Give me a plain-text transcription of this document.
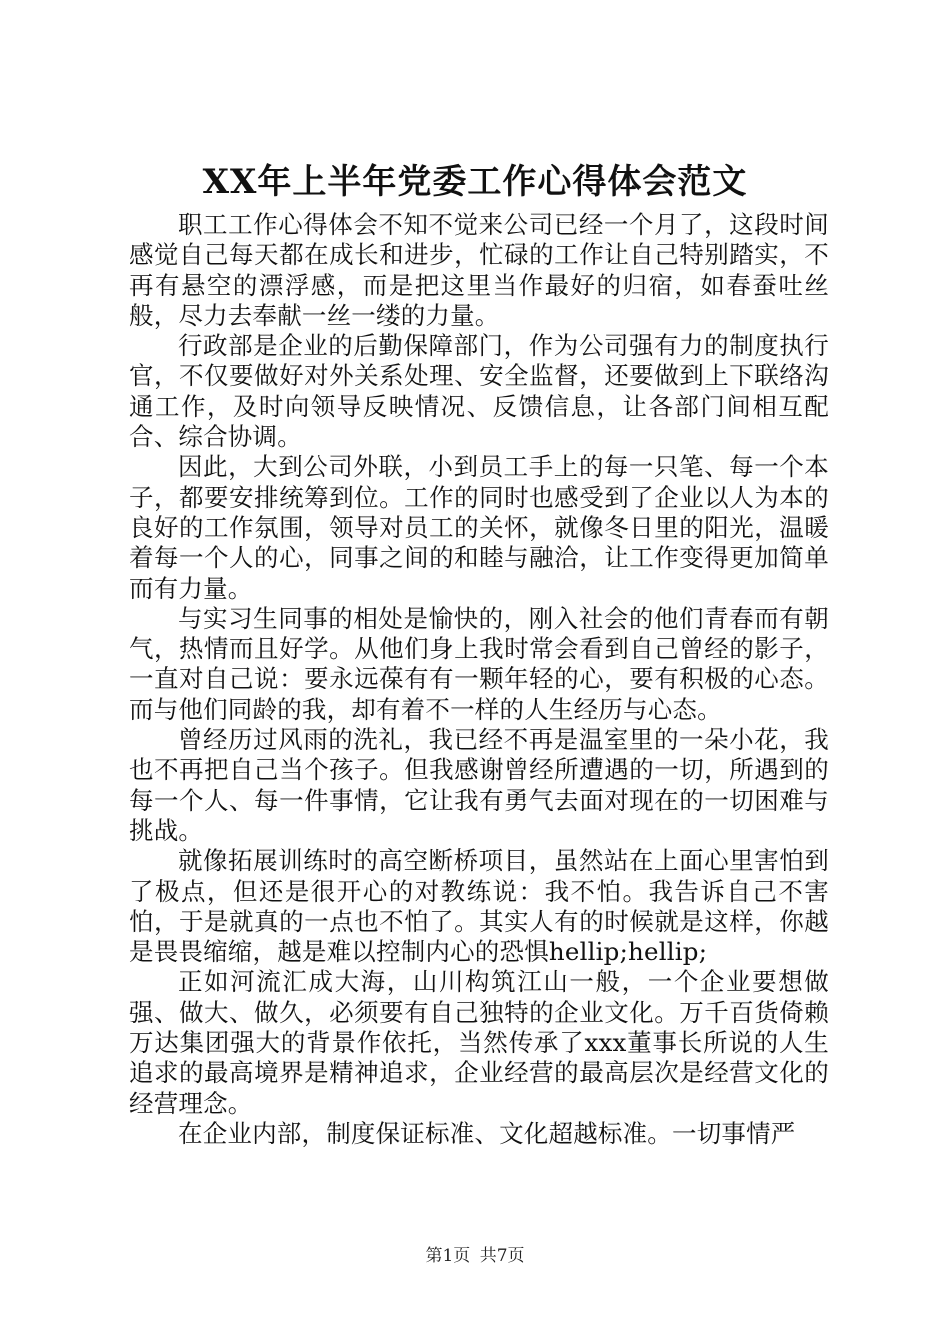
XX年上半年党委工作心得体会范文

职工工作心得体会不知不觉来公司已经一个月了，这段时间感觉自己每天都在成长和进步，忙碌的工作让自己特别踏实，不再有悬空的漂浮感，而是把这里当作最好的归宿，如春蚕吐丝般，尽力去奉献一丝一缕的力量。

行政部是企业的后勤保障部门，作为公司强有力的制度执行官，不仅要做好对外关系处理、安全监督，还要做到上下联络沟通工作，及时向领导反映情况、反馈信息，让各部门间相互配合、综合协调。

因此，大到公司外联，小到员工手上的每一只笔、每一个本子，都要安排统筹到位。工作的同时也感受到了企业以人为本的良好的工作氛围，领导对员工的关怀，就像冬日里的阳光，温暖着每一个人的心，同事之间的和睦与融洽，让工作变得更加简单而有力量。

与实习生同事的相处是愉快的，刚入社会的他们青春而有朝气，热情而且好学。从他们身上我时常会看到自己曾经的影子，一直对自己说：要永远葆有有一颗年轻的心，要有积极的心态。而与他们同龄的我，却有着不一样的人生经历与心态。

曾经历过风雨的洗礼，我已经不再是温室里的一朵小花，我也不再把自己当个孩子。但我感谢曾经所遭遇的一切，所遇到的每一个人、每一件事情，它让我有勇气去面对现在的一切困难与挑战。

就像拓展训练时的高空断桥项目，虽然站在上面心里害怕到了极点，但还是很开心的对教练说：我不怕。我告诉自己不害怕，于是就真的一点也不怕了。其实人有的时候就是这样，你越是畏畏缩缩，越是难以控制内心的恐惧hellip;hellip;

正如河流汇成大海，山川构筑江山一般，一个企业要想做强、做大、做久，必须要有自己独特的企业文化。万千百货倚赖万达集团强大的背景作依托，当然传承了xxx董事长所说的人生追求的最高境界是精神追求，企业经营的最高层次是经营文化的经营理念。

在企业内部，制度保证标准、文化超越标准。一切事情严

第1页 共7页
